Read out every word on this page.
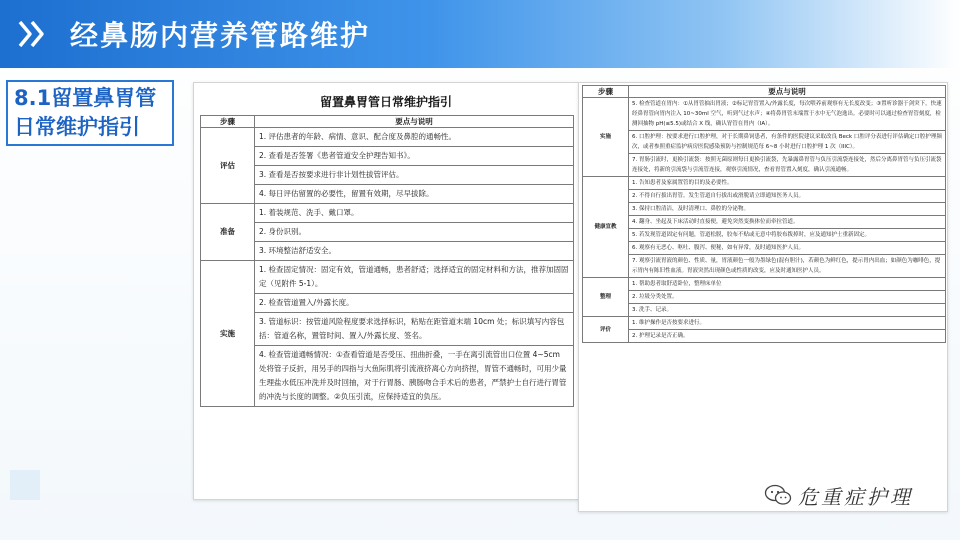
经鼻肠内营养管路维护
8.1留置鼻胃管
日常维护指引
留置鼻胃管日常维护指引
步骤	要点与说明
评估	1. 评估患者的年龄、病情、意识、配合度及鼻腔的通畅性。
	2. 查看是否签署《患者管道安全护理告知书》。
	3. 查看是否按要求进行非计划性拔管评估。
	4. 每日评估留置的必要性，留置有效期，尽早拔除。
准备	1. 着装规范、洗手、戴口罩。
	2. 身份识别。
	3. 环境整洁舒适安全。
实施	1. 检查固定情况：固定有效，管道通畅，患者舒适；选择适宜的固定材料和方法，推荐加固固定（见附件 5-1）。
	2. 检查管道置入/外露长度。
	3. 管道标识：按管道风险程度要求选择标识，粘贴在距管道末端 10cm 处；标识填写内容包括：管道名称，置管时间、置入/外露长度、签名。
	4. 检查管道通畅情况：①查看管道是否受压、扭曲折叠，一手在离引流管出口位置 4~5cm 处将管子反折，用另手的四指与大鱼际肌将引流液挤离心方向挤捏，胃管不通畅时，可用少量生理盐水低压冲洗并及时回抽，对于行胃肠、胰肠吻合手术后的患者，严禁护士自行进行胃管的冲洗与长度的调整。②负压引流，应保持适宜的负压。
步骤	要点与说明
实施	5. 检查管道在胃内：①从胃管抽出胃液；②标记胃管置入/外露长度，每次喂养前观察有无长度改变；③置听诊器于剑突下，快速经鼻胃管向胃内注入 10~30ml 空气，听到气过水声；④将鼻胃管末端置于水中无气泡逸出。必要时可以通过检查胃管刻度，检测回抽物 pH(≤5.5)或结合 X 线，确认胃管在胃内（IA）。
	6. 口腔护理：按要求进行口腔护理，对于长期鼻饲患者，有条件的医院建议采取改良 Beck 口腔评分表进行评估确定口腔护理频次，或者参照重症监护病房医院感染预防与控制规范每 6~8 小时进行口腔护理 1 次（IIIC）。
	7. 胃肠引流时，更换引流袋：按照无菌原则每日更换引流袋，先暴露鼻胃管与负压引流袋连接处，然后分离鼻胃管与负压引流袋连接处，将新的引流袋与引流管连接，观察引流情况，查看胃管置入刻度，确认引流通畅。
健康宣教	1. 告知患者及家属置管的目的及必要性。
	2. 不得自行拔出胃管。发生管道自行拔出或滑脱请立即通知医务人员。
	3. 保持口腔清洁，及时清理口、鼻腔的分泌物。
	4. 翻身、坐起及下床活动时直接便，避免突然变换体位而牵拉管道。
	5. 若发现管道固定有问题，管道松脱，胶布不贴或无意中将胶布拨掉时，应及通知护士重新固定。
	6. 观察有无恶心、呕吐、腹泻、便秘，如有异常，及时通知医护人员。
	7. 观察引流胃液的颜色、性质、量，胃液颜色一般为墨绿色(混有胆汁)，若颜色为鲜红色，提示胃内出血；如颜色为咖啡色，提示胃内有陈旧性血液。胃液突然出现颜色或性质的改变，应及时通知医护人员。
整理	1. 帮助患者取舒适卧位，整理床单位
	2. 垃圾分类处置。
	3. 洗手、记录。
评价	1. 维护操作是否按要求进行。
	2. 护理记录是否正确。
危重症护理
